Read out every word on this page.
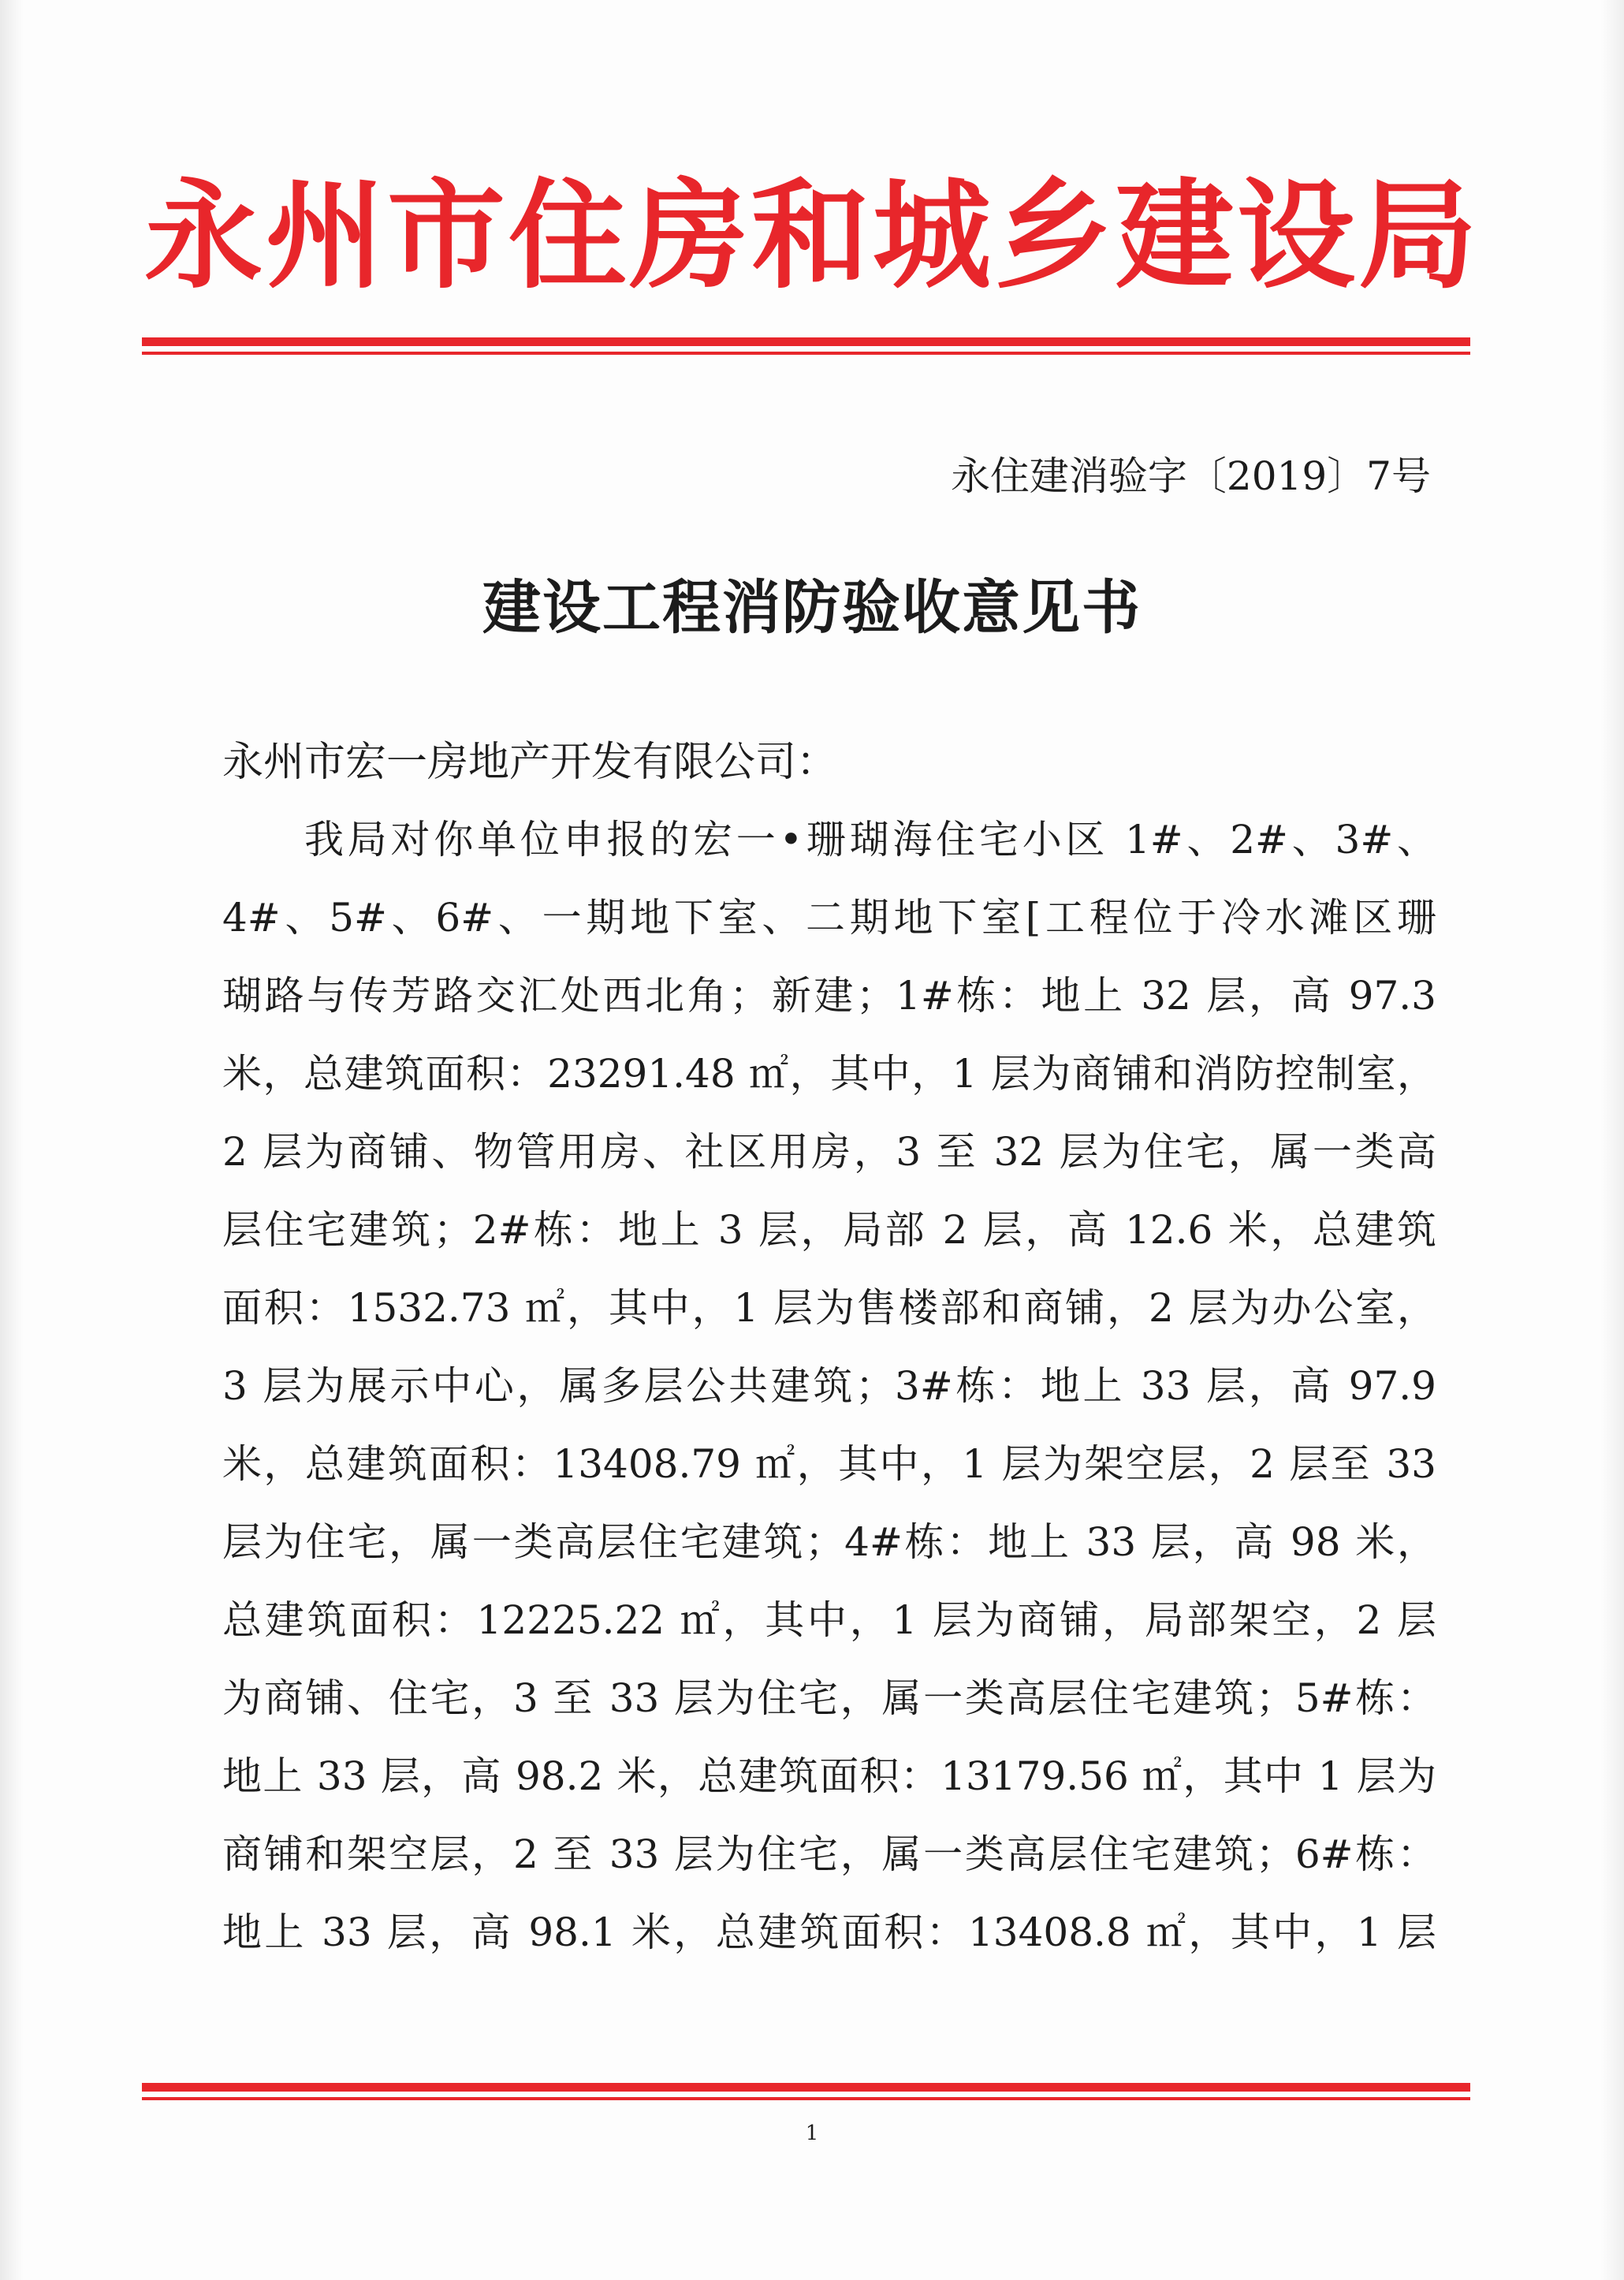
永州市住房和城乡建设局
永住建消验字〔2019〕7号
建设工程消防验收意见书
永州市宏一房地产开发有限公司：
我局对你单位申报的宏一•珊瑚海住宅小区 1#、2#、3#、
4#、5#、6#、一期地下室、二期地下室[工程位于冷水滩区珊
瑚路与传芳路交汇处西北角；新建；1#栋：地上 32 层，高 97.3
米，总建筑面积：23291.48 ㎡，其中，1 层为商铺和消防控制室，
2 层为商铺、物管用房、社区用房，3 至 32 层为住宅，属一类高
层住宅建筑；2#栋：地上 3 层，局部 2 层，高 12.6 米，总建筑
面积：1532.73 ㎡，其中，1 层为售楼部和商铺，2 层为办公室，
3 层为展示中心，属多层公共建筑；3#栋：地上 33 层，高 97.9
米，总建筑面积：13408.79 ㎡，其中，1 层为架空层，2 层至 33
层为住宅，属一类高层住宅建筑；4#栋：地上 33 层，高 98 米，
总建筑面积：12225.22 ㎡，其中，1 层为商铺，局部架空，2 层
为商铺、住宅，3 至 33 层为住宅，属一类高层住宅建筑；5#栋：
地上 33 层，高 98.2 米，总建筑面积：13179.56 ㎡，其中 1 层为
商铺和架空层，2 至 33 层为住宅，属一类高层住宅建筑；6#栋：
地上 33 层，高 98.1 米，总建筑面积：13408.8 ㎡，其中，1 层
1
